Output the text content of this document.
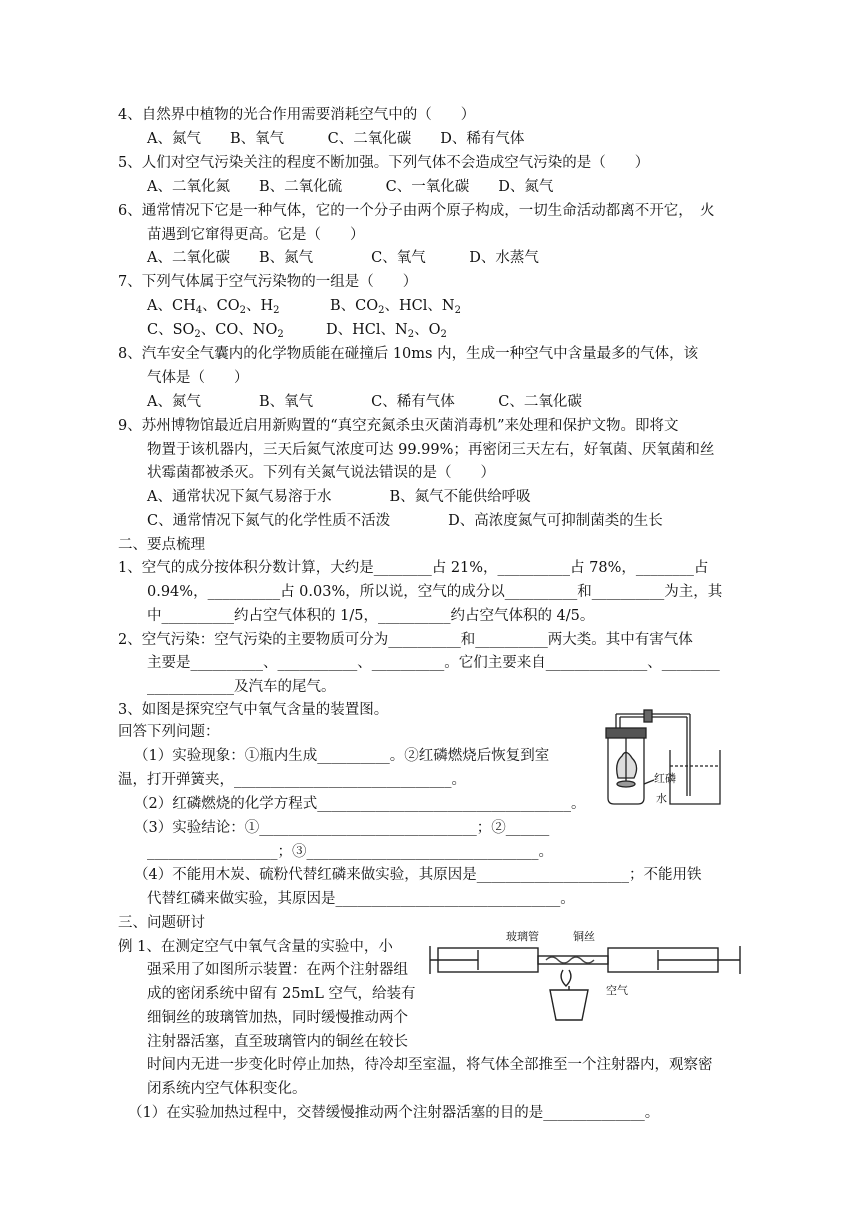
4、自然界中植物的光合作用需要消耗空气中的（　　）
A、氮气　　B、氧气　　　C、二氧化碳　　D、稀有气体
5、人们对空气污染关注的程度不断加强。下列气体不会造成空气污染的是（　　）
A、二氧化氮　　B、二氧化硫　　　C、一氧化碳　　D、氮气
6、通常情况下它是一种气体，它的一个分子由两个原子构成，一切生命活动都离不开它，　火
苗遇到它窜得更高。它是（　　）
A、二氧化碳　　B、氮气　　　　C、氧气　　　D、水蒸气
7、下列气体属于空气污染物的一组是（　　）
A、$CH_4$、$CO_2$、$H_2$	B、$CO_2$、HCl、$N_2$
C、$SO_2$、CO、$NO_2$	D、HCl、$N_2$、$O_2$
8、汽车安全气囊内的化学物质能在碰撞后 10ms 内，生成一种空气中含量最多的气体，该
气体是（　　）
A、氮气　　　　B、氧气　　　　C、稀有气体　　　C、二氧化碳
9、苏州博物馆最近启用新购置的“真空充氮杀虫灭菌消毒机”来处理和保护文物。即将文
物置于该机器内，三天后氮气浓度可达 99.99%；再密闭三天左右，好氧菌、厌氧菌和丝
状霉菌都被杀灭。下列有关氮气说法错误的是（　　）
A、通常状况下氮气易溶于水　　　　B、氮气不能供给呼吸
C、通常情况下氮气的化学性质不活泼　　　　D、高浓度氮气可抑制菌类的生长
二、要点梳理
1、空气的成分按体积分数计算，大约是________占 21%，__________占 78%，________占
0.94%，__________占 0.03%，所以说，空气的成分以__________和__________为主，其
中__________约占空气体积的 1/5，__________约占空气体积的 4/5。
2、空气污染：空气污染的主要物质可分为__________和__________两大类。其中有害气体
主要是__________、___________、__________。它们主要来自______________、________
____________及汽车的尾气。
3、如图是探究空气中氧气含量的装置图。
回答下列问题：
（1）实验现象：①瓶内生成__________。②红磷燃烧后恢复到室
温，打开弹簧夹，______________________________。
（2）红磷燃烧的化学方程式___________________________________。
（3）实验结论：①______________________________；②______
__________________；③________________________________。
（4）不能用木炭、硫粉代替红磷来做实验，其原因是_____________________；不能用铁
代替红磷来做实验，其原因是_______________________________。
红磷
水
三、问题研讨
例 1、在测定空气中氧气含量的实验中，小
强采用了如图所示装置：在两个注射器组
成的密闭系统中留有 25mL 空气，给装有
细铜丝的玻璃管加热，同时缓慢推动两个
注射器活塞，直至玻璃管内的铜丝在较长
时间内无进一步变化时停止加热，待冷却至室温，将气体全部推至一个注射器内，观察密
闭系统内空气体积变化。
（1）在实验加热过程中，交替缓慢推动两个注射器活塞的目的是______________。
玻璃管	铜丝
空气
